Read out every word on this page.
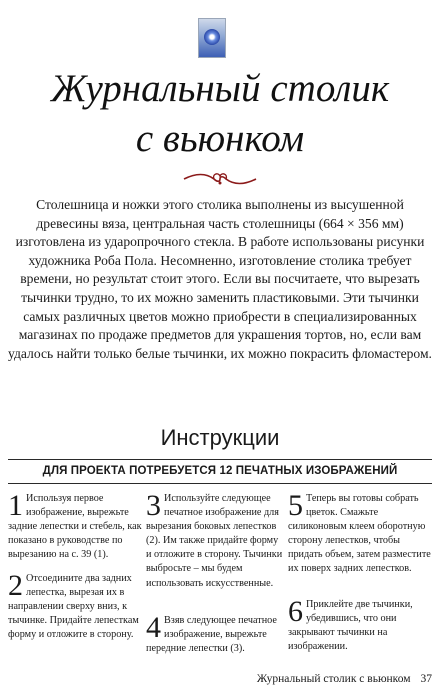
Журнальный столик
с вьюнком

Столешница и ножки этого столика выполнены из высушенной древесины вяза, центральная часть столешницы (664 × 356 мм) изготовлена из ударопрочного стекла. В работе использованы рисунки художника Роба Пола. Несомненно, изготовление столика требует времени, но результат стоит этого. Если вы посчитаете, что вырезать тычинки трудно, то их можно заменить пластиковыми. Эти тычинки самых различных цветов можно приобрести в специализированных магазинах по продаже предметов для украшения тортов, но, если вам удалось найти только белые тычинки, их можно покрасить фломастером.

Инструкции

ДЛЯ ПРОЕКТА ПОТРЕБУЕТСЯ 12 ПЕЧАТНЫХ ИЗОБРАЖЕНИЙ

1 Используя первое изображение, вырежьте задние лепестки и стебель, как показано в руководстве по вырезанию на с. 39 (1).
2 Отсоедините два задних лепестка, вырезая их в направлении сверху вниз, к тычинке. Придайте лепесткам форму и отложите в сторону.
3 Используйте следующее печатное изображение для вырезания боковых лепестков (2). Им также придайте форму и отложите в сторону. Тычинки выбросьте – мы будем использовать искусственные.
4 Взяв следующее печатное изображение, вырежьте передние лепестки (3).
5 Теперь вы готовы собрать цветок. Смажьте силиконовым клеем оборотную сторону лепестков, чтобы придать объем, затем разместите их поверх задних лепестков.
6 Приклейте две тычинки, убедившись, что они закрывают тычинки на изображении.
Журнальный столик с вьюнком 37
